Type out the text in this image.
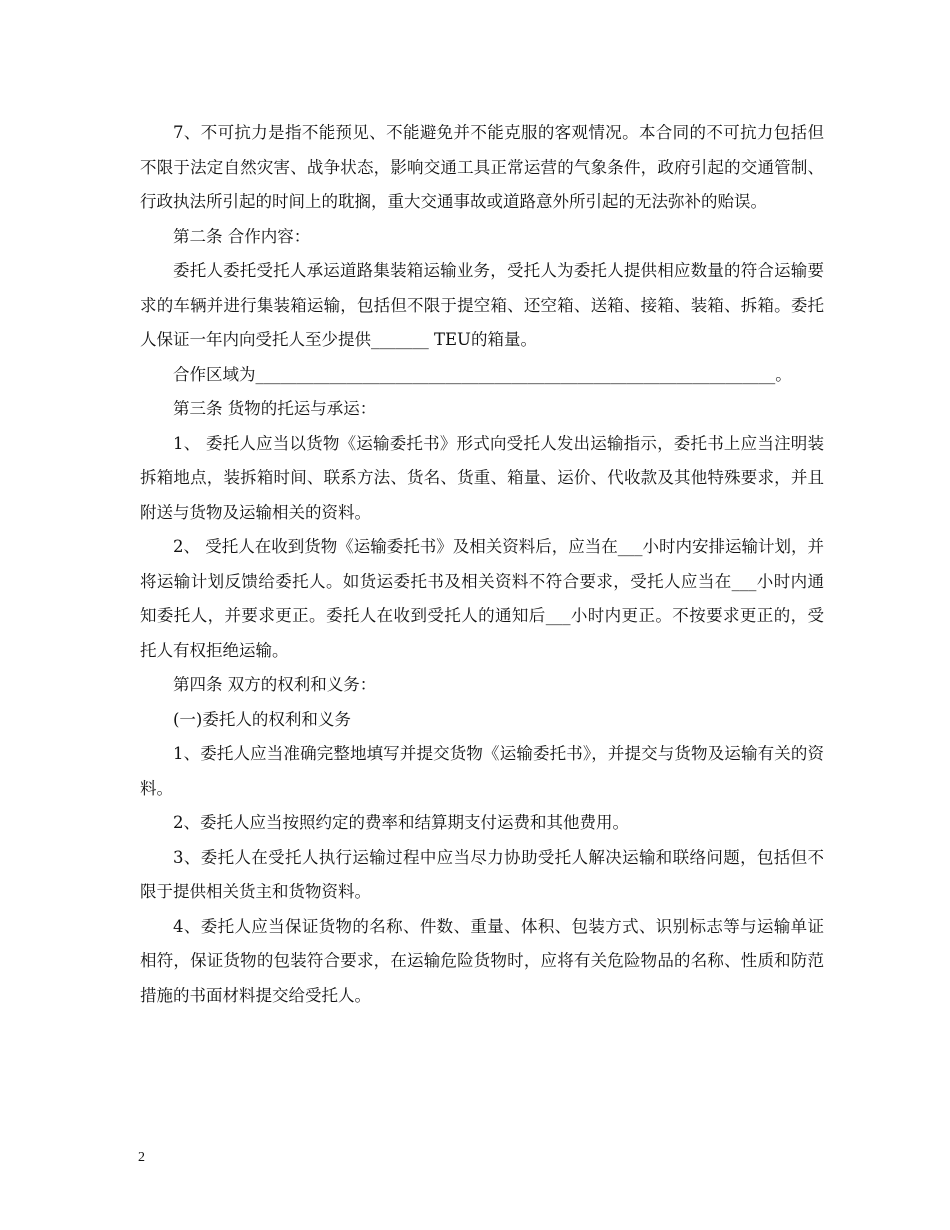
7、不可抗力是指不能预见、不能避免并不能克服的客观情况。本合同的不可抗力包括但不限于法定自然灾害、战争状态，影响交通工具正常运营的气象条件，政府引起的交通管制、行政执法所引起的时间上的耽搁，重大交通事故或道路意外所引起的无法弥补的贻误。

第二条 合作内容：

委托人委托受托人承运道路集装箱运输业务，受托人为委托人提供相应数量的符合运输要求的车辆并进行集装箱运输，包括但不限于提空箱、还空箱、送箱、接箱、装箱、拆箱。委托人保证一年内向受托人至少提供_______ TEU的箱量。

合作区域为_______________________________________________________________。

第三条 货物的托运与承运：

1、 委托人应当以货物《运输委托书》形式向受托人发出运输指示，委托书上应当注明装拆箱地点，装拆箱时间、联系方法、货名、货重、箱量、运价、代收款及其他特殊要求，并且附送与货物及运输相关的资料。

2、 受托人在收到货物《运输委托书》及相关资料后，应当在___小时内安排运输计划，并将运输计划反馈给委托人。如货运委托书及相关资料不符合要求，受托人应当在___小时内通知委托人，并要求更正。委托人在收到受托人的通知后___小时内更正。不按要求更正的，受托人有权拒绝运输。

第四条 双方的权利和义务：

(一)委托人的权利和义务

1、委托人应当准确完整地填写并提交货物《运输委托书》，并提交与货物及运输有关的资料。

2、委托人应当按照约定的费率和结算期支付运费和其他费用。

3、委托人在受托人执行运输过程中应当尽力协助受托人解决运输和联络问题，包括但不限于提供相关货主和货物资料。

4、委托人应当保证货物的名称、件数、重量、体积、包装方式、识别标志等与运输单证相符，保证货物的包装符合要求，在运输危险货物时，应将有关危险物品的名称、性质和防范措施的书面材料提交给受托人。

2
